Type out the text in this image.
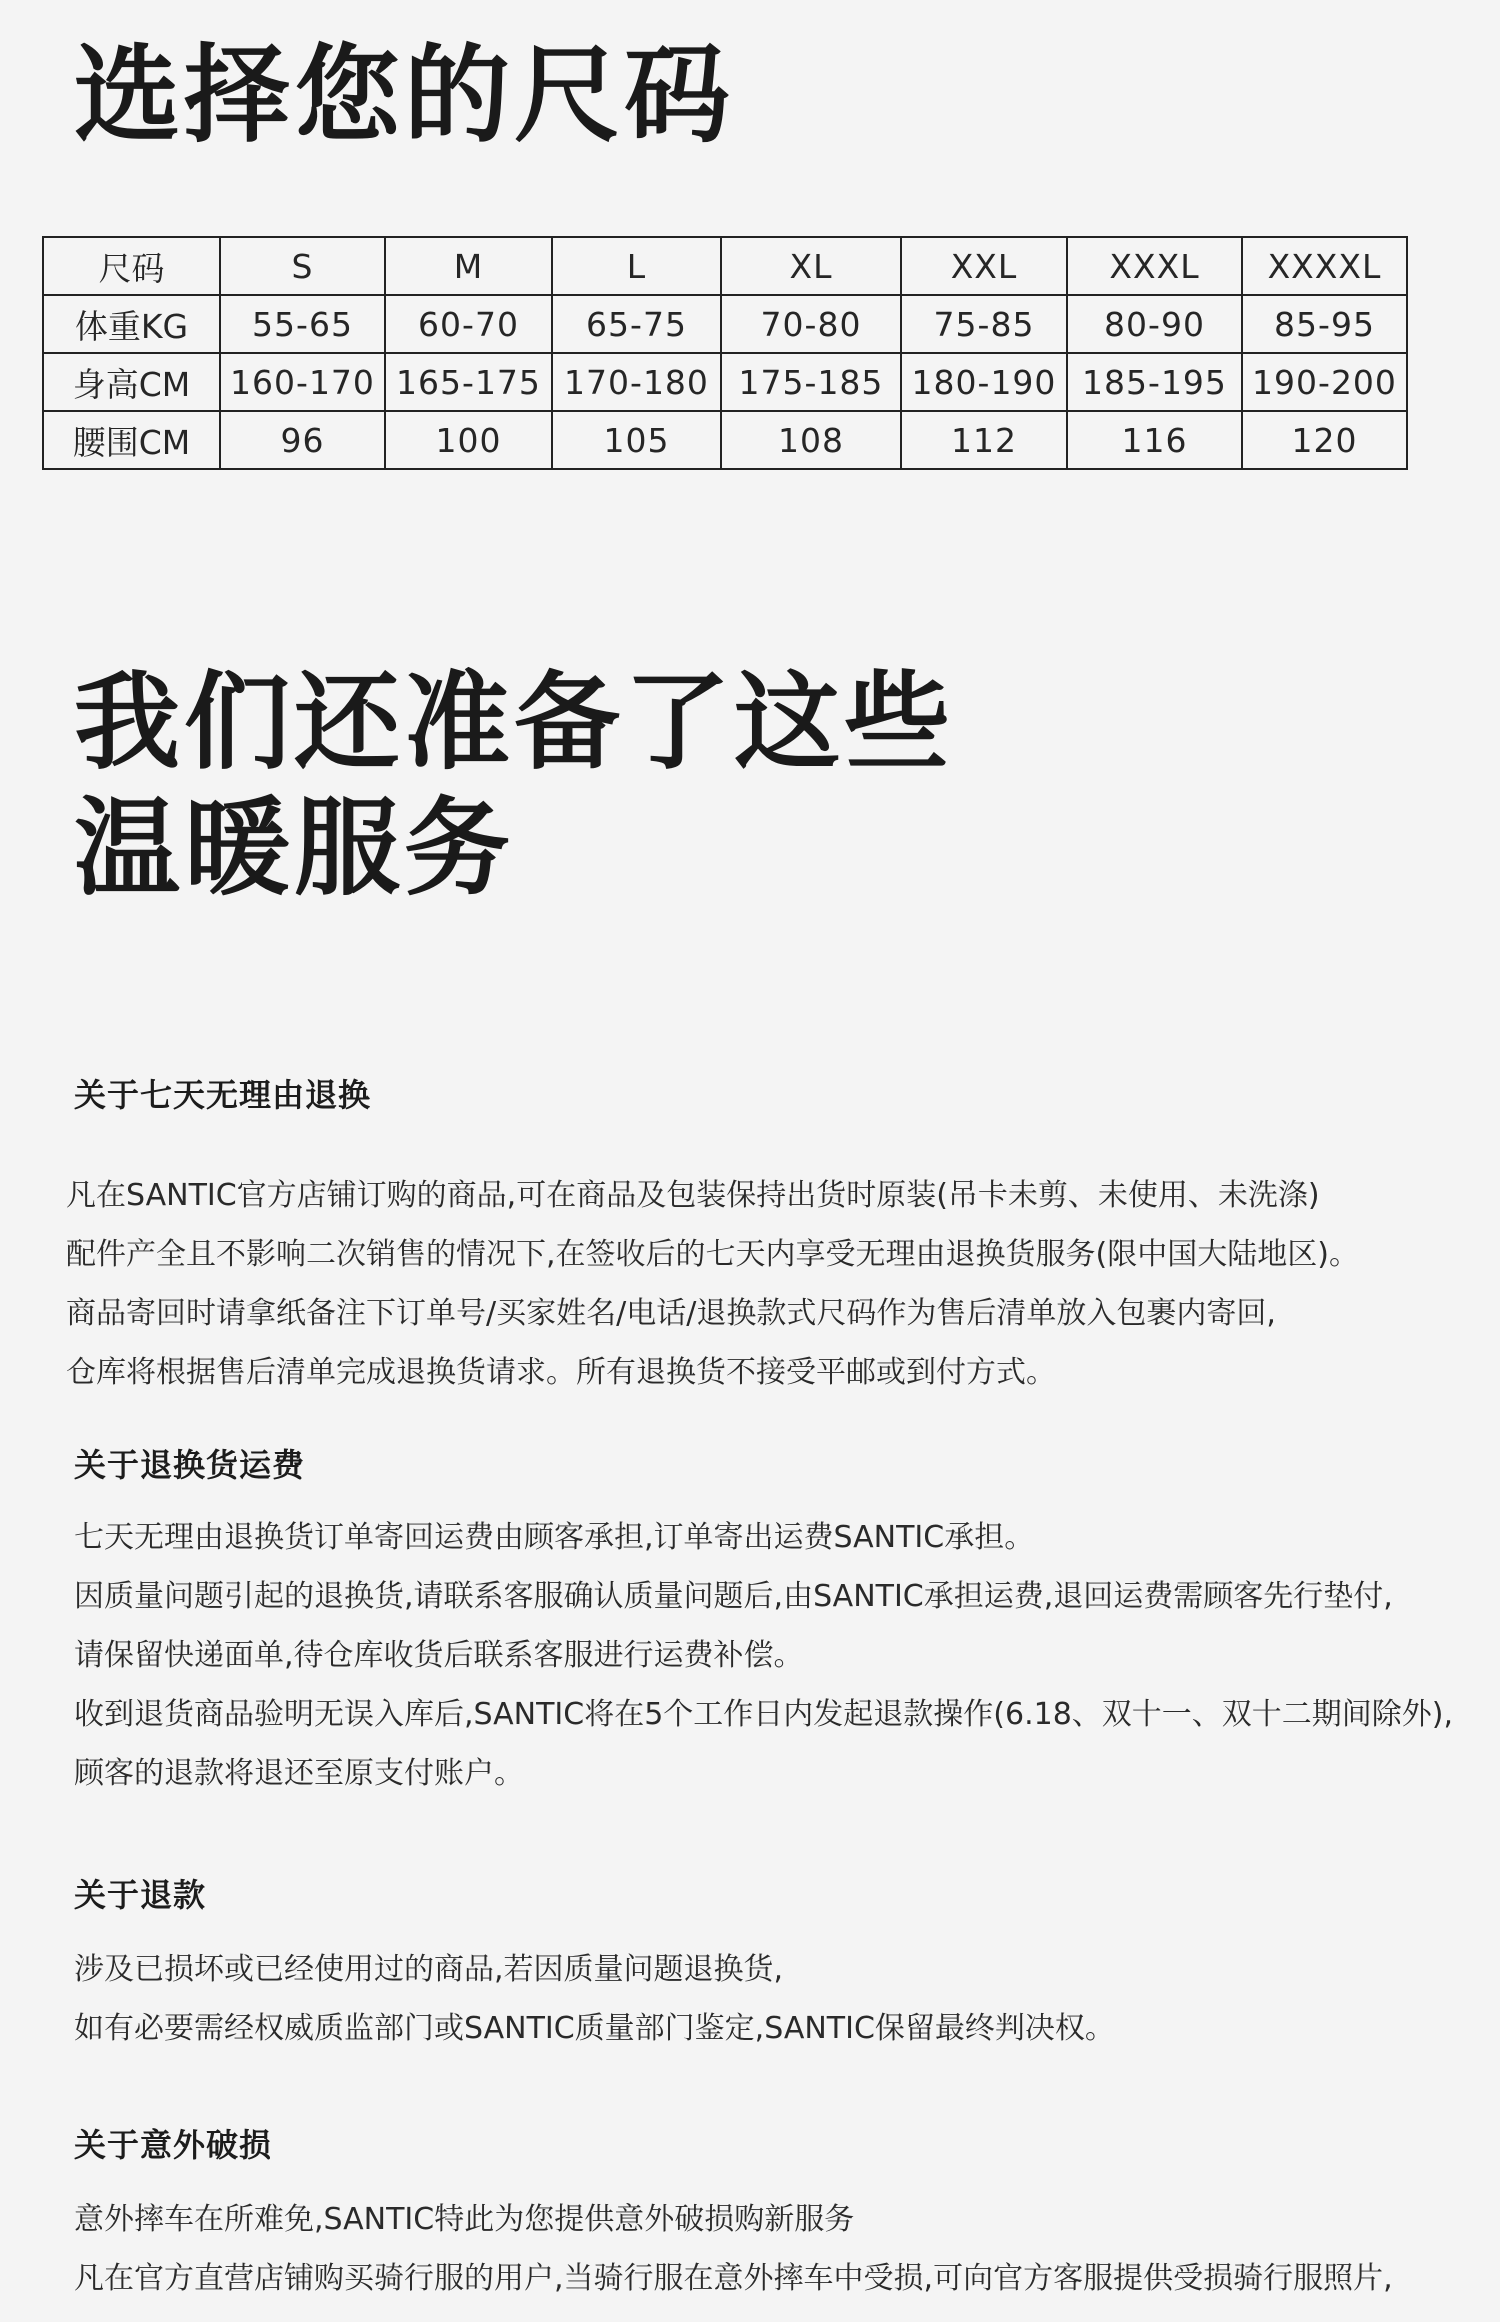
选择您的尺码
尺码	S	M	L	XL	XXL	XXXL	XXXXL
体重KG	55-65	60-70	65-75	70-80	75-85	80-90	85-95
身高CM	160-170	165-175	170-180	175-185	180-190	185-195	190-200
腰围CM	96	100	105	108	112	116	120
我们还准备了这些
温暖服务
关于七天无理由退换
凡在SANTIC官方店铺订购的商品,可在商品及包装保持出货时原装(吊卡未剪、未使用、未洗涤)
配件产全且不影响二次销售的情况下,在签收后的七天内享受无理由退换货服务(限中国大陆地区)。
商品寄回时请拿纸备注下订单号/买家姓名/电话/退换款式尺码作为售后清单放入包裹内寄回,
仓库将根据售后清单完成退换货请求。所有退换货不接受平邮或到付方式。
关于退换货运费
七天无理由退换货订单寄回运费由顾客承担,订单寄出运费SANTIC承担。
因质量问题引起的退换货,请联系客服确认质量问题后,由SANTIC承担运费,退回运费需顾客先行垫付,
请保留快递面单,待仓库收货后联系客服进行运费补偿。
收到退货商品验明无误入库后,SANTIC将在5个工作日内发起退款操作(6.18、双十一、双十二期间除外),
顾客的退款将退还至原支付账户。
关于退款
涉及已损坏或已经使用过的商品,若因质量问题退换货,
如有必要需经权威质监部门或SANTIC质量部门鉴定,SANTIC保留最终判决权。
关于意外破损
意外摔车在所难免,SANTIC特此为您提供意外破损购新服务
凡在官方直营店铺购买骑行服的用户,当骑行服在意外摔车中受损,可向官方客服提供受损骑行服照片,
